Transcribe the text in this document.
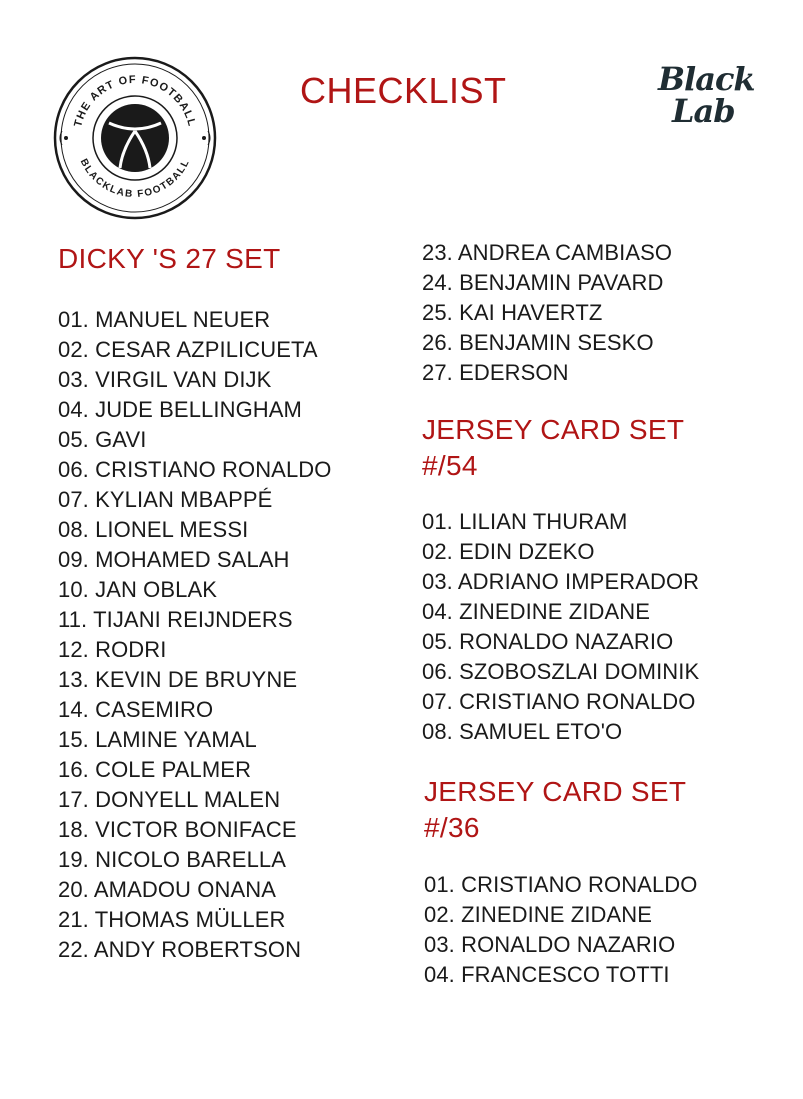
THE ART OF FOOTBALL
BLACKLAB FOOTBALL
CHECKLIST	Black
Lab
DICKY 'S 27 SET
01. MANUEL NEUER
02. CESAR AZPILICUETA
03. VIRGIL VAN DIJK
04. JUDE BELLINGHAM
05. GAVI
06. CRISTIANO RONALDO
07. KYLIAN MBAPPÉ
08. LIONEL MESSI
09. MOHAMED SALAH
10. JAN OBLAK
11. TIJANI REIJNDERS
12. RODRI
13. KEVIN DE BRUYNE
14. CASEMIRO
15. LAMINE YAMAL
16. COLE PALMER
17. DONYELL MALEN
18. VICTOR BONIFACE
19. NICOLO BARELLA
20. AMADOU ONANA
21. THOMAS MÜLLER
22. ANDY ROBERTSON
23. ANDREA CAMBIASO
24. BENJAMIN PAVARD
25. KAI HAVERTZ
26. BENJAMIN SESKO
27. EDERSON
JERSEY CARD SET
#/54
01. LILIAN THURAM
02. EDIN DZEKO
03. ADRIANO IMPERADOR
04. ZINEDINE ZIDANE
05. RONALDO NAZARIO
06. SZOBOSZLAI DOMINIK
07. CRISTIANO RONALDO
08. SAMUEL ETO'O
JERSEY CARD SET
#/36
01. CRISTIANO RONALDO
02. ZINEDINE ZIDANE
03. RONALDO NAZARIO
04. FRANCESCO TOTTI
